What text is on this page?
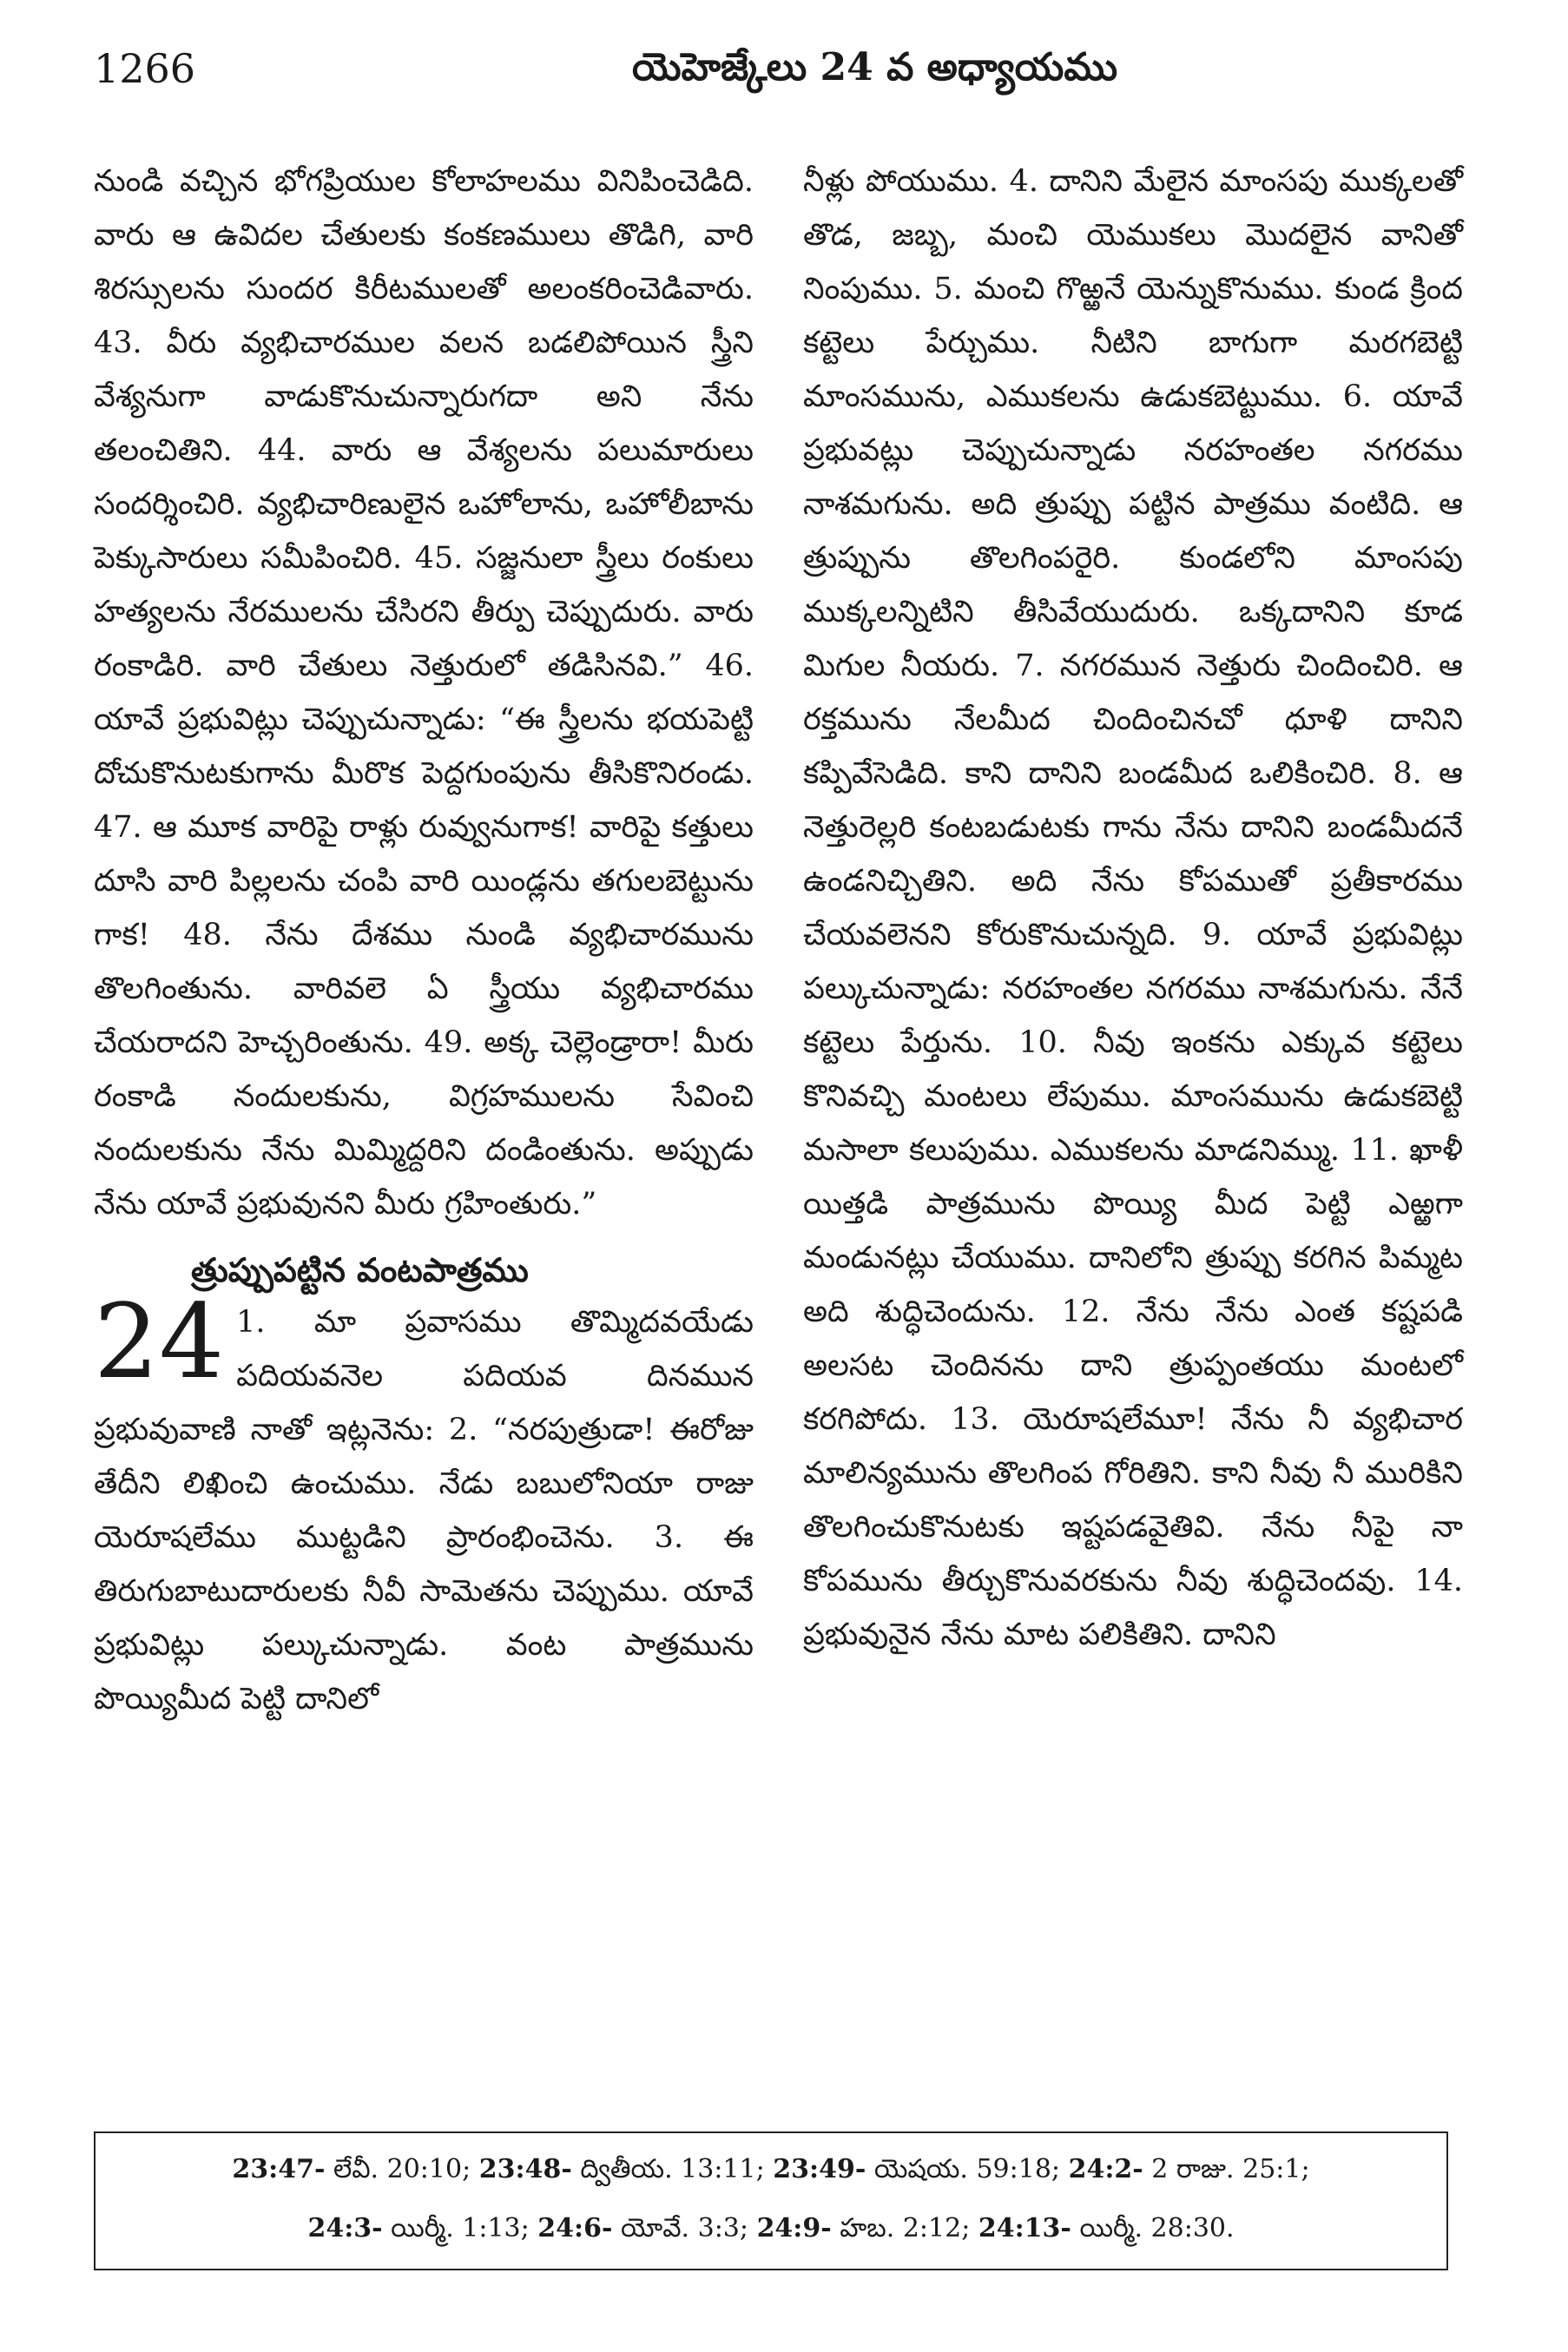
1266	యెహెజ్కేలు 24 వ అధ్యాయము

నుండి వచ్చిన భోగప్రియుల కోలాహలము వినిపించెడిది. వారు ఆ ఉవిదల చేతులకు కంకణములు తొడిగి, వారి శిరస్సులను సుందర కిరీటములతో అలంకరించెడివారు. 43. వీరు వ్యభిచారముల వలన బడలిపోయిన స్త్రీని వేశ్యనుగా వాడుకొనుచున్నారుగదా అని నేను తలంచితిని. 44. వారు ఆ వేశ్యలను పలుమారులు సందర్శించిరి. వ్యభిచారిణులైన ఒహోలాను, ఒహోలీబాను పెక్కుసారులు సమీపించిరి. 45. సజ్జనులా స్త్రీలు రంకులు హత్యలను నేరములను చేసిరని తీర్పు చెప్పుదురు. వారు రంకాడిరి. వారి చేతులు నెత్తురులో తడిసినవి.” 46. యావే ప్రభువిట్లు చెప్పుచున్నాడు: “ఈ స్త్రీలను భయపెట్టి దోచుకొనుటకుగాను మీరొక పెద్దగుంపును తీసికొనిరండు. 47. ఆ మూక వారిపై రాళ్లు రువ్వునుగాక! వారిపై కత్తులు దూసి వారి పిల్లలను చంపి వారి యిండ్లను తగులబెట్టును గాక! 48. నేను దేశము నుండి వ్యభిచారమును తొలగింతును. వారివలె ఏ స్త్రీయు వ్యభిచారము చేయరాదని హెచ్చరింతును. 49. అక్క చెల్లెండ్రారా! మీరు రంకాడి నందులకును, విగ్రహములను సేవించి నందులకును నేను మిమ్మిద్దరిని దండింతును. అప్పుడు నేను యావే ప్రభువునని మీరు గ్రహింతురు.”

త్రుప్పుపట్టిన వంటపాత్రము

24 1. మా ప్రవాసము తొమ్మిదవయేడు పదియవనెల పదియవ దినమున ప్రభువువాణి నాతో ఇట్లనెను: 2. “నరపుత్రుడా! ఈరోజు తేదీని లిఖించి ఉంచుము. నేడు బబులోనియా రాజు యెరూషలేము ముట్టడిని ప్రారంభించెను. 3. ఈ తిరుగుబాటుదారులకు నీవీ సామెతను చెప్పుము. యావే ప్రభువిట్లు పల్కుచున్నాడు. వంట పాత్రమును పొయ్యిమీద పెట్టి దానిలో

నీళ్లు పోయుము. 4. దానిని మేలైన మాంసపు ముక్కలతో తొడ, జబ్బ, మంచి యెముకలు మొదలైన వానితో నింపుము. 5. మంచి గొఱ్ఱనే యెన్నుకొనుము. కుండ క్రింద కట్టెలు పేర్చుము. నీటిని బాగుగా మరగబెట్టి మాంసమును, ఎముకలను ఉడుకబెట్టుము. 6. యావే ప్రభువట్లు చెప్పుచున్నాడు నరహంతల నగరము నాశమగును. అది త్రుప్పు పట్టిన పాత్రము వంటిది. ఆ త్రుప్పును తొలగింపరైరి. కుండలోని మాంసపు ముక్కలన్నిటిని తీసివేయుదురు. ఒక్కదానిని కూడ మిగుల నీయరు. 7. నగరమున నెత్తురు చిందించిరి. ఆ రక్తమును నేలమీద చిందించినచో ధూళి దానిని కప్పివేసెడిది. కాని దానిని బండమీద ఒలికించిరి. 8. ఆ నెత్తురెల్లరి కంటబడుటకు గాను నేను దానిని బండమీదనే ఉండనిచ్చితిని. అది నేను కోపముతో ప్రతీకారము చేయవలెనని కోరుకొనుచున్నది. 9. యావే ప్రభువిట్లు పల్కుచున్నాడు: నరహంతల నగరము నాశమగును. నేనే కట్టెలు పేర్తును. 10. నీవు ఇంకను ఎక్కువ కట్టెలు కొనివచ్చి మంటలు లేపుము. మాంసమును ఉడుకబెట్టి మసాలా కలుపుము. ఎముకలను మాడనిమ్ము. 11. ఖాళీ యిత్తడి పాత్రమును పొయ్యి మీద పెట్టి ఎఱ్ఱగా మండునట్లు చేయుము. దానిలోని త్రుప్పు కరగిన పిమ్మట అది శుద్ధిచెందును. 12. నేను నేను ఎంత కష్టపడి అలసట చెందినను దాని త్రుప్పంతయు మంటలో కరగిపోదు. 13. యెరూషలేమూ! నేను నీ వ్యభిచార మాలిన్యమును తొలగింప గోరితిని. కాని నీవు నీ మురికిని తొలగించుకొనుటకు ఇష్టపడవైతివి. నేను నీపై నా కోపమును తీర్చుకొనువరకును నీవు శుద్ధిచెందవు. 14. ప్రభువునైన నేను మాట పలికితిని. దానిని

23:47- లేవీ. 20:10; 23:48- ద్వితీయ. 13:11; 23:49- యెషయ. 59:18; 24:2- 2 రాజు. 25:1;
24:3- యిర్మీ. 1:13; 24:6- యోవే. 3:3; 24:9- హబ. 2:12; 24:13- యిర్మీ. 28:30.
